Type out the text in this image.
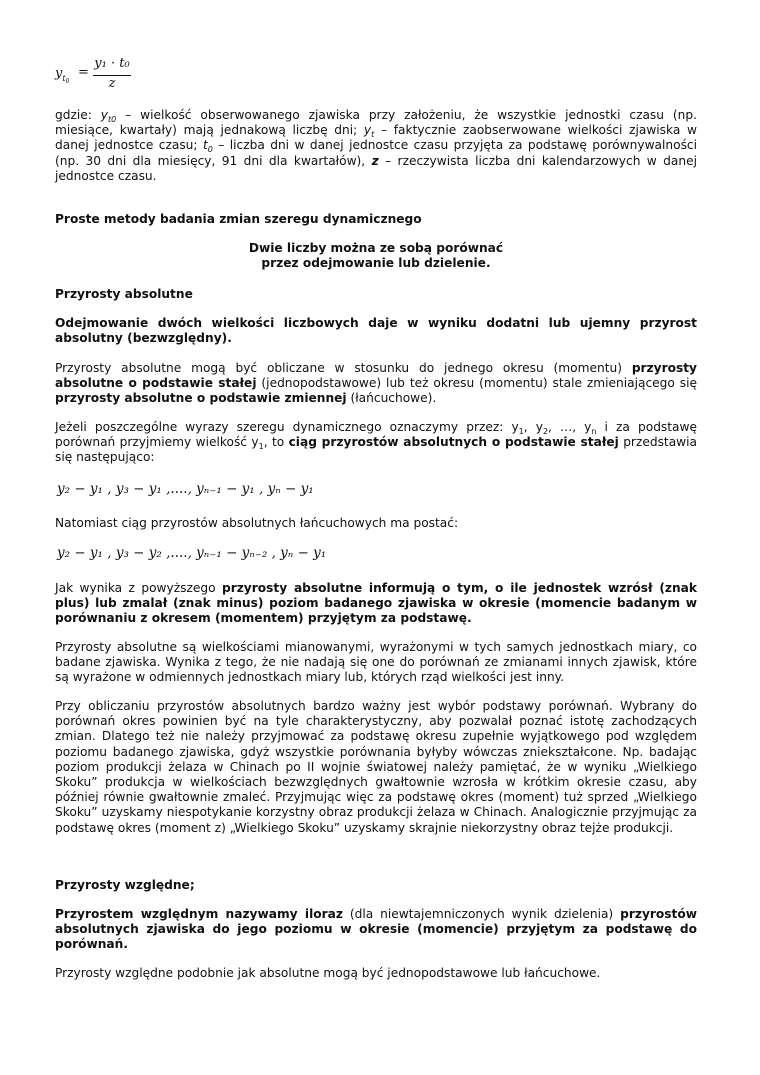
$y_{t_0}$
=
y₁ · t₀
z

gdzie: $y_{t0}$ – wielkość obserwowanego zjawiska przy założeniu, że wszystkie jednostki czasu (np. miesiące, kwartały) mają jednakową liczbę dni; $y_t$ – faktycznie zaobserwowane wielkości zjawiska w danej jednostce czasu; $t_0$ – liczba dni w danej jednostce czasu przyjęta za podstawę porównywalności (np. 30 dni dla miesięcy, 91 dni dla kwartałów), z – rzeczywista liczba dni kalendarzowych w danej jednostce czasu.

Proste metody badania zmian szeregu dynamicznego

Dwie liczby można ze sobą porównać
przez odejmowanie lub dzielenie.

Przyrosty absolutne

Odejmowanie dwóch wielkości liczbowych daje w wyniku dodatni lub ujemny przyrost absolutny (bezwzględny).

Przyrosty absolutne mogą być obliczane w stosunku do jednego okresu (momentu) przyrosty absolutne o podstawie stałej (jednopodstawowe) lub też okresu (momentu) stale zmieniającego się przyrosty absolutne o podstawie zmiennej (łańcuchowe).

Jeżeli poszczególne wyrazy szeregu dynamicznego oznaczymy przez: $y_1$, $y_2$, …, $y_n$ i za podstawę porównań przyjmiemy wielkość $y_1$, to ciąg przyrostów absolutnych o podstawie stałej przedstawia się następująco:

y₂ − y₁ , y₃ − y₁ ,...., yₙ₋₁ − y₁ , yₙ − y₁

Natomiast ciąg przyrostów absolutnych łańcuchowych ma postać:

y₂ − y₁ , y₃ − y₂ ,...., yₙ₋₁ − yₙ₋₂ , yₙ − y₁

Jak wynika z powyższego przyrosty absolutne informują o tym, o ile jednostek wzrósł (znak plus) lub zmalał (znak minus) poziom badanego zjawiska w okresie (momencie badanym w porównaniu z okresem (momentem) przyjętym za podstawę.

Przyrosty absolutne są wielkościami mianowanymi, wyrażonymi w tych samych jednostkach miary, co badane zjawiska. Wynika z tego, że nie nadają się one do porównań ze zmianami innych zjawisk, które są wyrażone w odmiennych jednostkach miary lub, których rząd wielkości jest inny.

Przy obliczaniu przyrostów absolutnych bardzo ważny jest wybór podstawy porównań. Wybrany do porównań okres powinien być na tyle charakterystyczny, aby pozwalał poznać istotę zachodzących zmian. Dlatego też nie należy przyjmować za podstawę okresu zupełnie wyjątkowego pod względem poziomu badanego zjawiska, gdyż wszystkie porównania byłyby wówczas zniekształcone. Np. badając poziom produkcji żelaza w Chinach po II wojnie światowej należy pamiętać, że w wyniku „Wielkiego Skoku” produkcja w wielkościach bezwzględnych gwałtownie wzrosła w krótkim okresie czasu, aby później równie gwałtownie zmaleć. Przyjmując więc za podstawę okres (moment) tuż sprzed „Wielkiego Skoku” uzyskamy niespotykanie korzystny obraz produkcji żelaza w Chinach. Analogicznie przyjmując za podstawę okres (moment z) „Wielkiego Skoku” uzyskamy skrajnie niekorzystny obraz tejże produkcji.

Przyrosty względne;

Przyrostem względnym nazywamy iloraz (dla niewtajemniczonych wynik dzielenia) przyrostów absolutnych zjawiska do jego poziomu w okresie (momencie) przyjętym za podstawę do porównań.

Przyrosty względne podobnie jak absolutne mogą być jednopodstawowe lub łańcuchowe.
